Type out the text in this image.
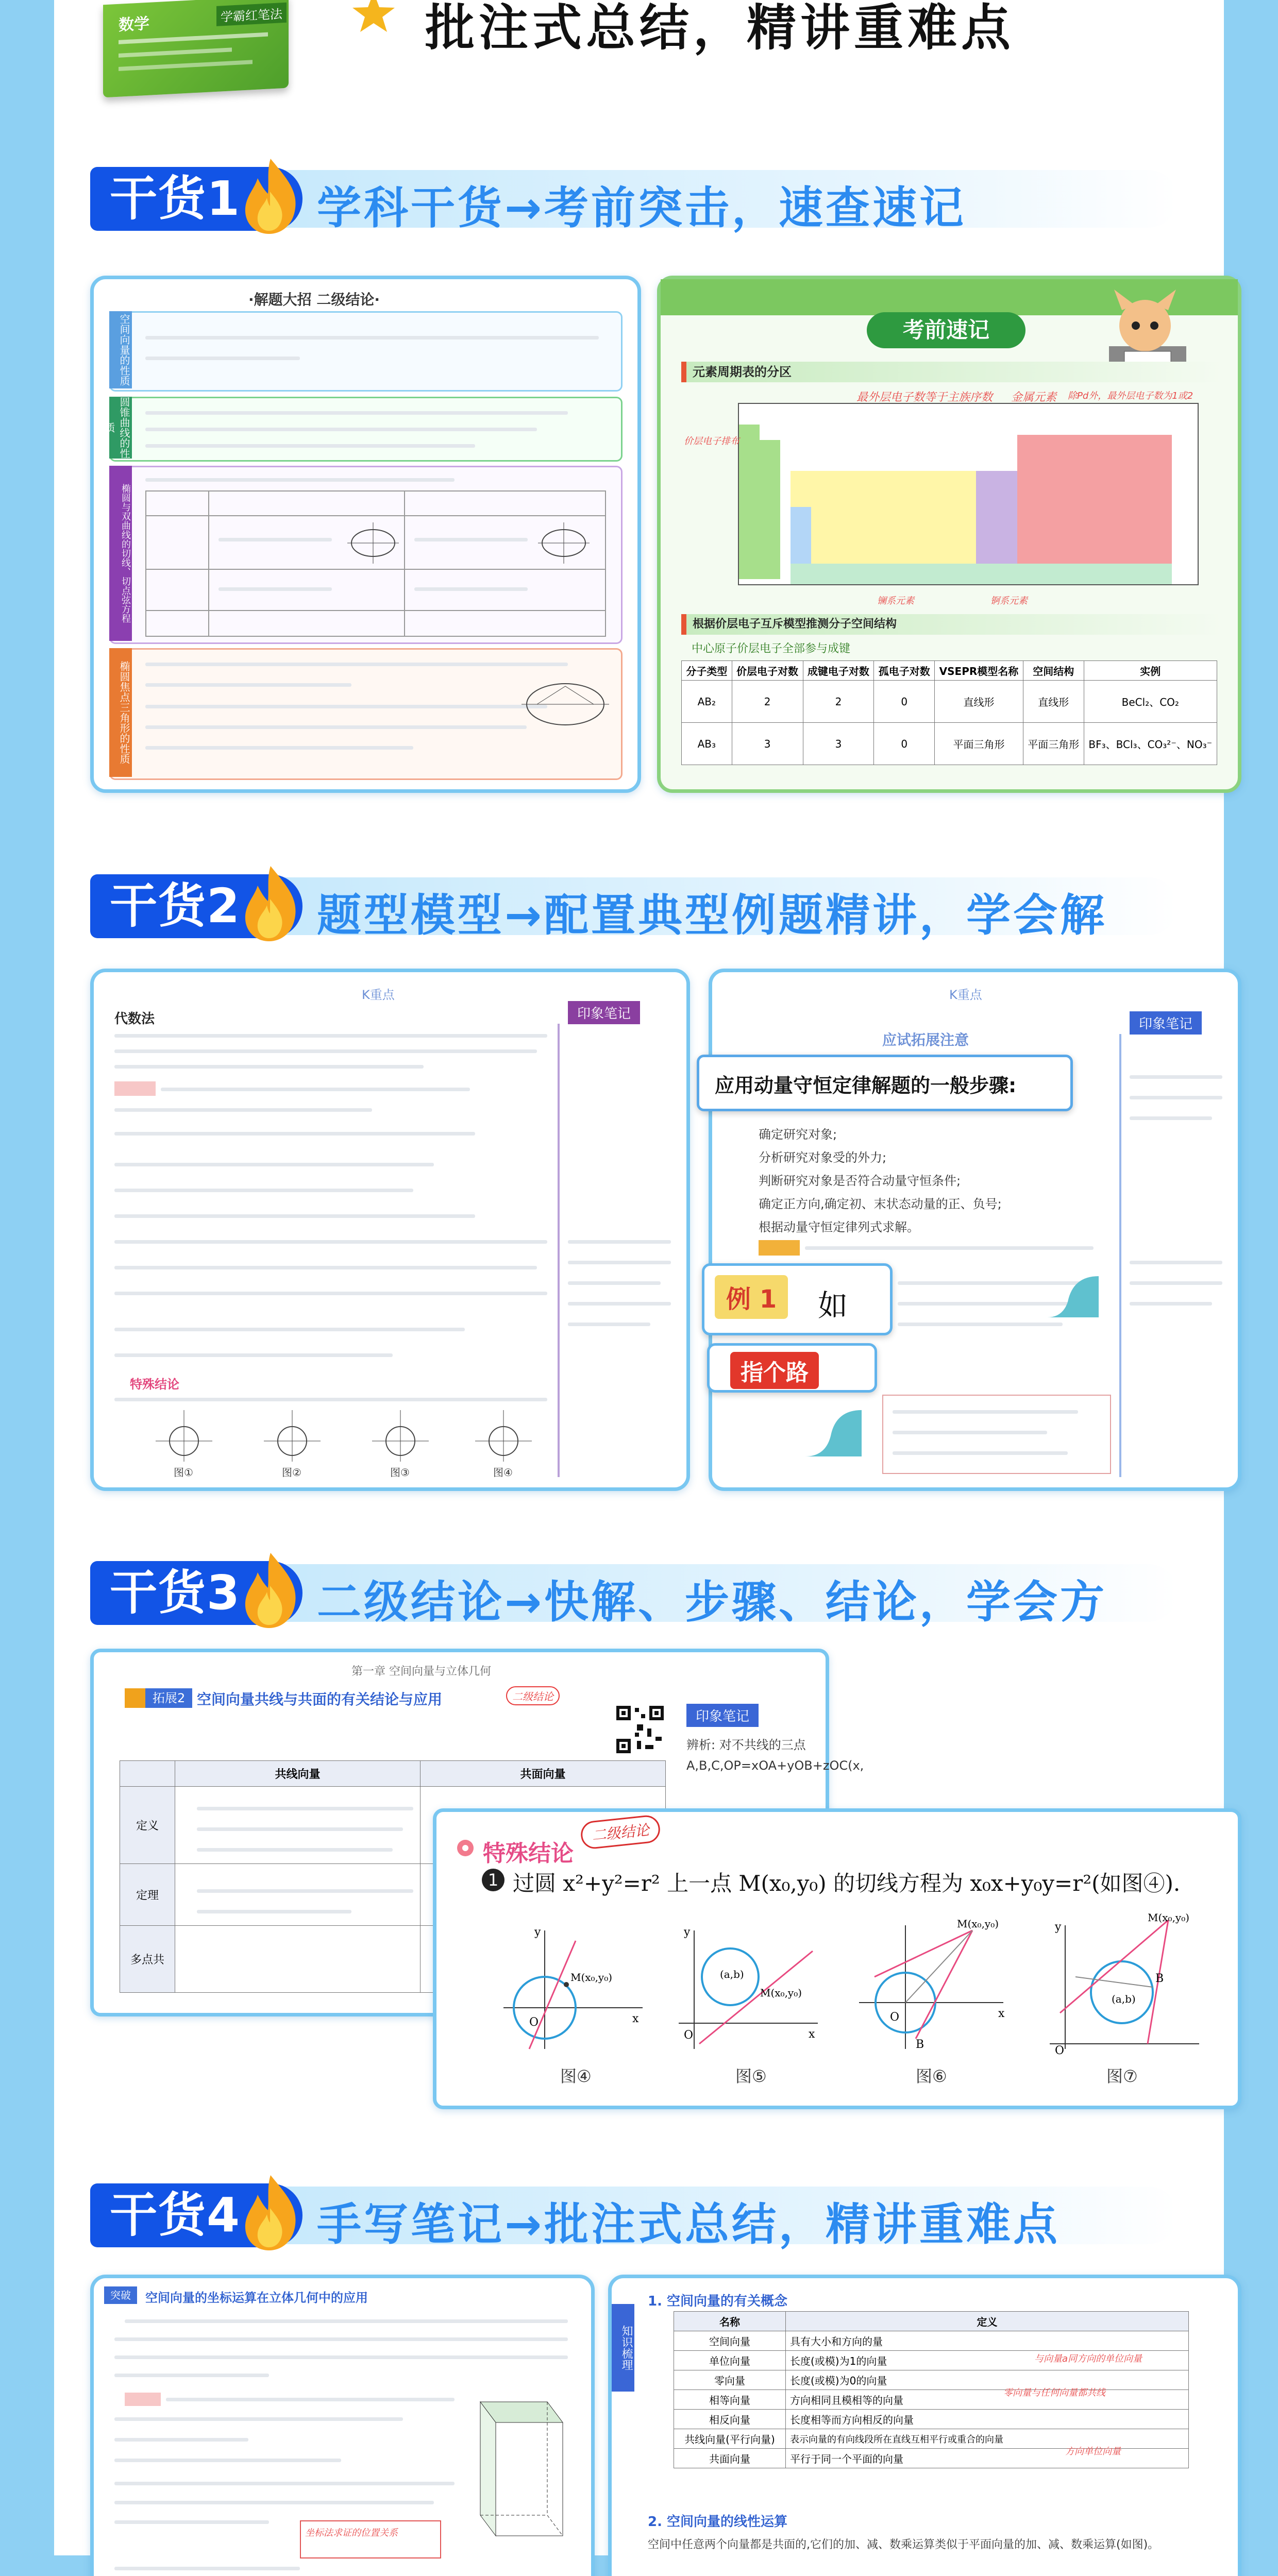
数学	学霸红笔法	批注式总结，精讲重难点
干货1	学科干货→考前突击，速查速记
·解题大招 二级结论·
空间向量的性质
圆锥曲线的性质
椭圆与双曲线的切线、切点弦方程
椭圆焦点三角形的性质
考前速记
元素周期表的分区
最外层电子数等于主族序数 金属元素 除Pd外，最外层电子数为1或2
价层电子排布
镧系元素	锕系元素
根据价层电子互斥模型推测分子空间结构
中心原子价层电子全部参与成键
分子类型	价层电子对数	成键电子对数	孤电子对数	VSEPR模型名称	空间结构	实例
AB₂	2	2	0	直线形	直线形	BeCl₂、CO₂
AB₃	3	3	0	平面三角形	平面三角形	BF₃、BCl₃、CO₃²⁻、NO₃⁻
干货2	题型模型→配置典型例题精讲，学会解
K重点
印象笔记
代数法
特殊结论
图①	图②	图③	图④
K重点
应试拓展注意
印象笔记
应用动量守恒定律解题的一般步骤:
确定研究对象;
分析研究对象受的外力;
判断研究对象是否符合动量守恒条件;
确定正方向,确定初、末状态动量的正、负号;
根据动量守恒定律列式求解。
例 1	如
指个路
干货3	二级结论→快解、步骤、结论，学会方
第一章 空间向量与立体几何
拓展2 空间向量共线与共面的有关结论与应用	二级结论
印象笔记
辨析: 对不共线的三点A,B,C,OP=xOA+yOB+zOC(x,
	共线向量	共面向量
定义		
定理		
多点共		
特殊结论
二级结论
1 过圆 x²+y²=r² 上一点 M(x₀,y₀) 的切线方程为 x₀x+y₀y=r²(如图④).
O	x
y
M(x₀,y₀)	(a,b)
O	x
y
M(x₀,y₀)
O
B
x
M(x₀,y₀)
(a,b)
B
O
y
M(x₀,y₀)
图④	图⑤	图⑥	图⑦
干货4	手写笔记→批注式总结，精讲重难点
突破	空间向量的坐标运算在立体几何中的应用
坐标法求证的位置关系
知识梳理
1. 空间向量的有关概念
名称	定义
空间向量	具有大小和方向的量
单位向量	长度(或模)为1的向量
零向量	长度(或模)为0的向量
相等向量	方向相同且模相等的向量
相反向量	长度相等而方向相反的向量
共线向量(平行向量)	表示向量的有向线段所在直线互相平行或重合的向量
共面向量	平行于同一个平面的向量
与向量a同方向的单位向量
零向量与任何向量都共线
方向单位向量
2. 空间向量的线性运算
空间中任意两个向量都是共面的,它们的加、减、数乘运算类似于平面向量的加、减、数乘运算(如图)。
